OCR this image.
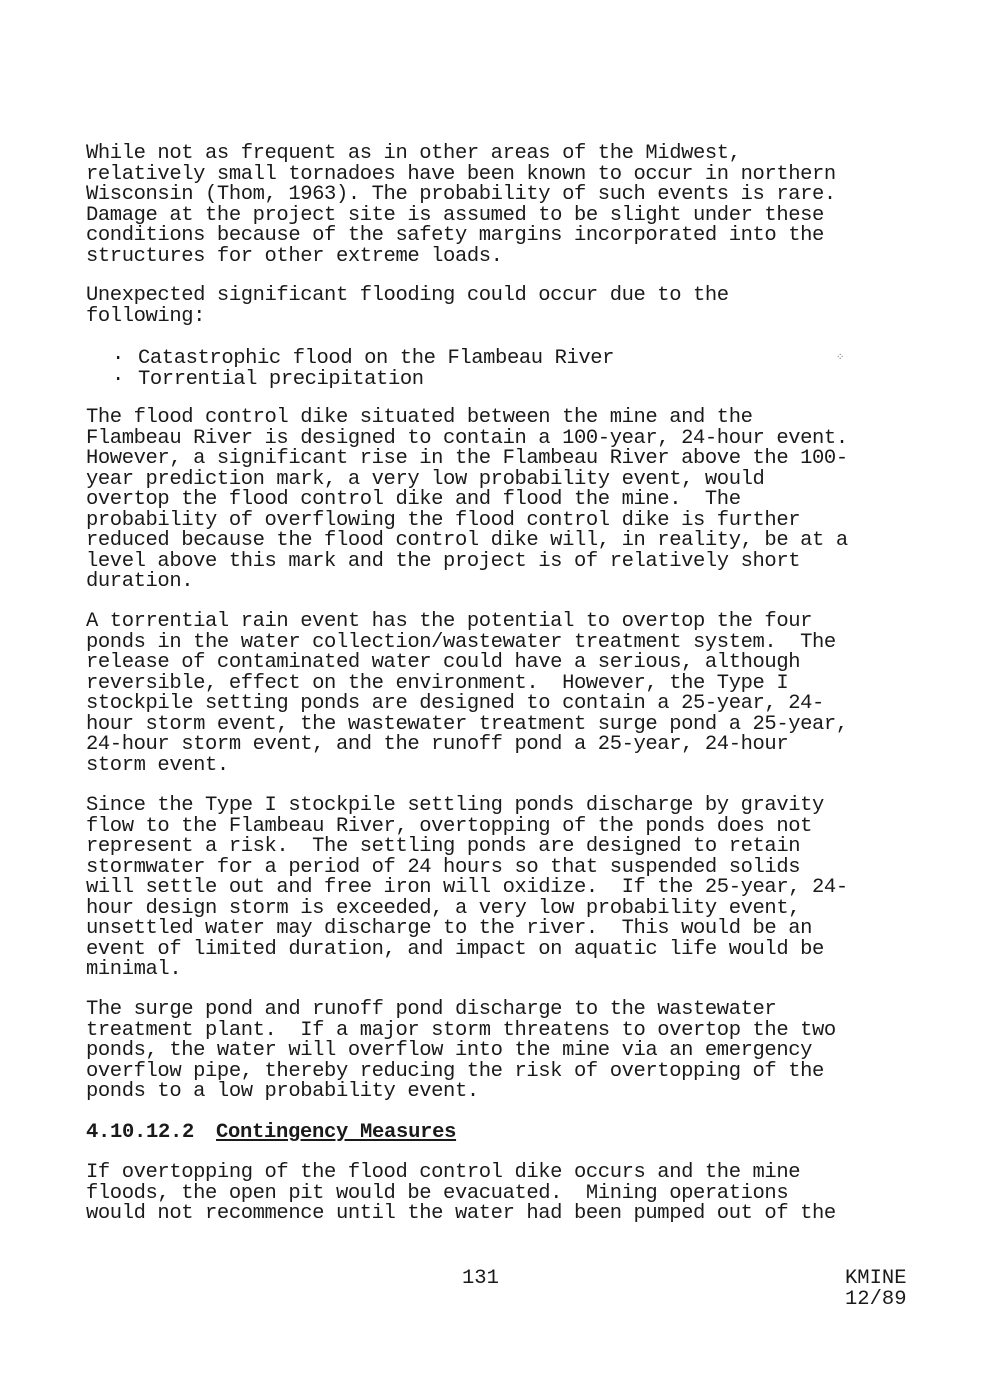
While not as frequent as in other areas of the Midwest,
relatively small tornadoes have been known to occur in northern
Wisconsin (Thom, 1963). The probability of such events is rare.
Damage at the project site is assumed to be slight under these
conditions because of the safety margins incorporated into the
structures for other extreme loads.
Unexpected significant flooding could occur due to the
following:
· Catastrophic flood on the Flambeau River
· Torrential precipitation
⁘
The flood control dike situated between the mine and the
Flambeau River is designed to contain a 100-year, 24-hour event.
However, a significant rise in the Flambeau River above the 100-
year prediction mark, a very low probability event, would
overtop the flood control dike and flood the mine.  The
probability of overflowing the flood control dike is further
reduced because the flood control dike will, in reality, be at a
level above this mark and the project is of relatively short
duration.
A torrential rain event has the potential to overtop the four
ponds in the water collection/wastewater treatment system.  The
release of contaminated water could have a serious, although
reversible, effect on the environment.  However, the Type I
stockpile setting ponds are designed to contain a 25-year, 24-
hour storm event, the wastewater treatment surge pond a 25-year,
24-hour storm event, and the runoff pond a 25-year, 24-hour
storm event.
Since the Type I stockpile settling ponds discharge by gravity
flow to the Flambeau River, overtopping of the ponds does not
represent a risk.  The settling ponds are designed to retain
stormwater for a period of 24 hours so that suspended solids
will settle out and free iron will oxidize.  If the 25-year, 24-
hour design storm is exceeded, a very low probability event,
unsettled water may discharge to the river.  This would be an
event of limited duration, and impact on aquatic life would be
minimal.
The surge pond and runoff pond discharge to the wastewater
treatment plant.  If a major storm threatens to overtop the two
ponds, the water will overflow into the mine via an emergency
overflow pipe, thereby reducing the risk of overtopping of the
ponds to a low probability event.
4.10.12.2 Contingency Measures
If overtopping of the flood control dike occurs and the mine
floods, the open pit would be evacuated.  Mining operations
would not recommence until the water had been pumped out of the
131	KMINE
12/89
